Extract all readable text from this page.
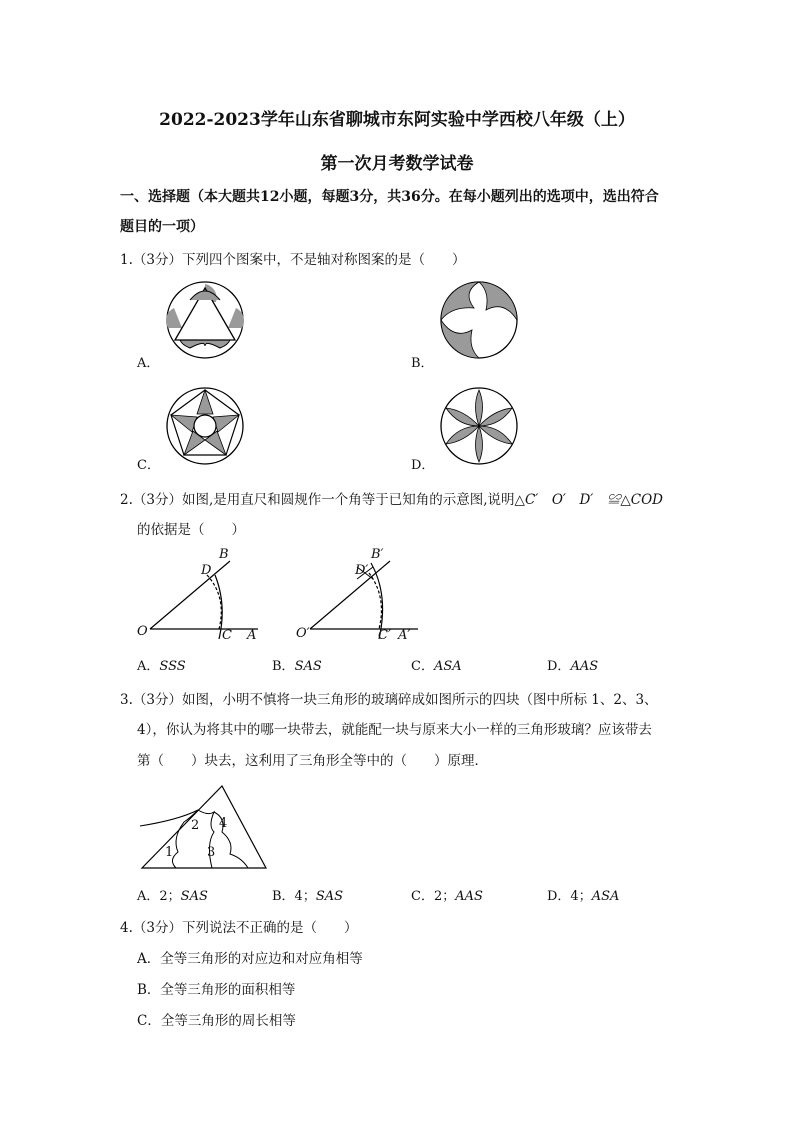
2022-2023学年山东省聊城市东阿实验中学西校八年级（上）
第一次月考数学试卷
一、选择题（本大题共12小题，每题3分，共36分。在每小题列出的选项中，选出符合
题目的一项）
1.（3分）下列四个图案中，不是轴对称图案的是（　　）
A．	B．
C．	D．
2.（3分）如图,是用直尺和圆规作一个角等于已知角的示意图,说明△C′　O′　D′　≌△COD
的依据是（　　）
B
D
O	C A
B′
D′
O′	C′ A′
A．SSS	B．SAS	C．ASA	D．AAS
3.（3分）如图，小明不慎将一块三角形的玻璃碎成如图所示的四块（图中所标 1、2、3、
4），你认为将其中的哪一块带去，就能配一块与原来大小一样的三角形玻璃？应该带去
第（　　）块去，这利用了三角形全等中的（　　）原理．
1
2
3
4
A．2；SAS	B．4；SAS	C．2；AAS	D．4；ASA
4.（3分）下列说法不正确的是（　　）
A．全等三角形的对应边和对应角相等
B．全等三角形的面积相等
C．全等三角形的周长相等
